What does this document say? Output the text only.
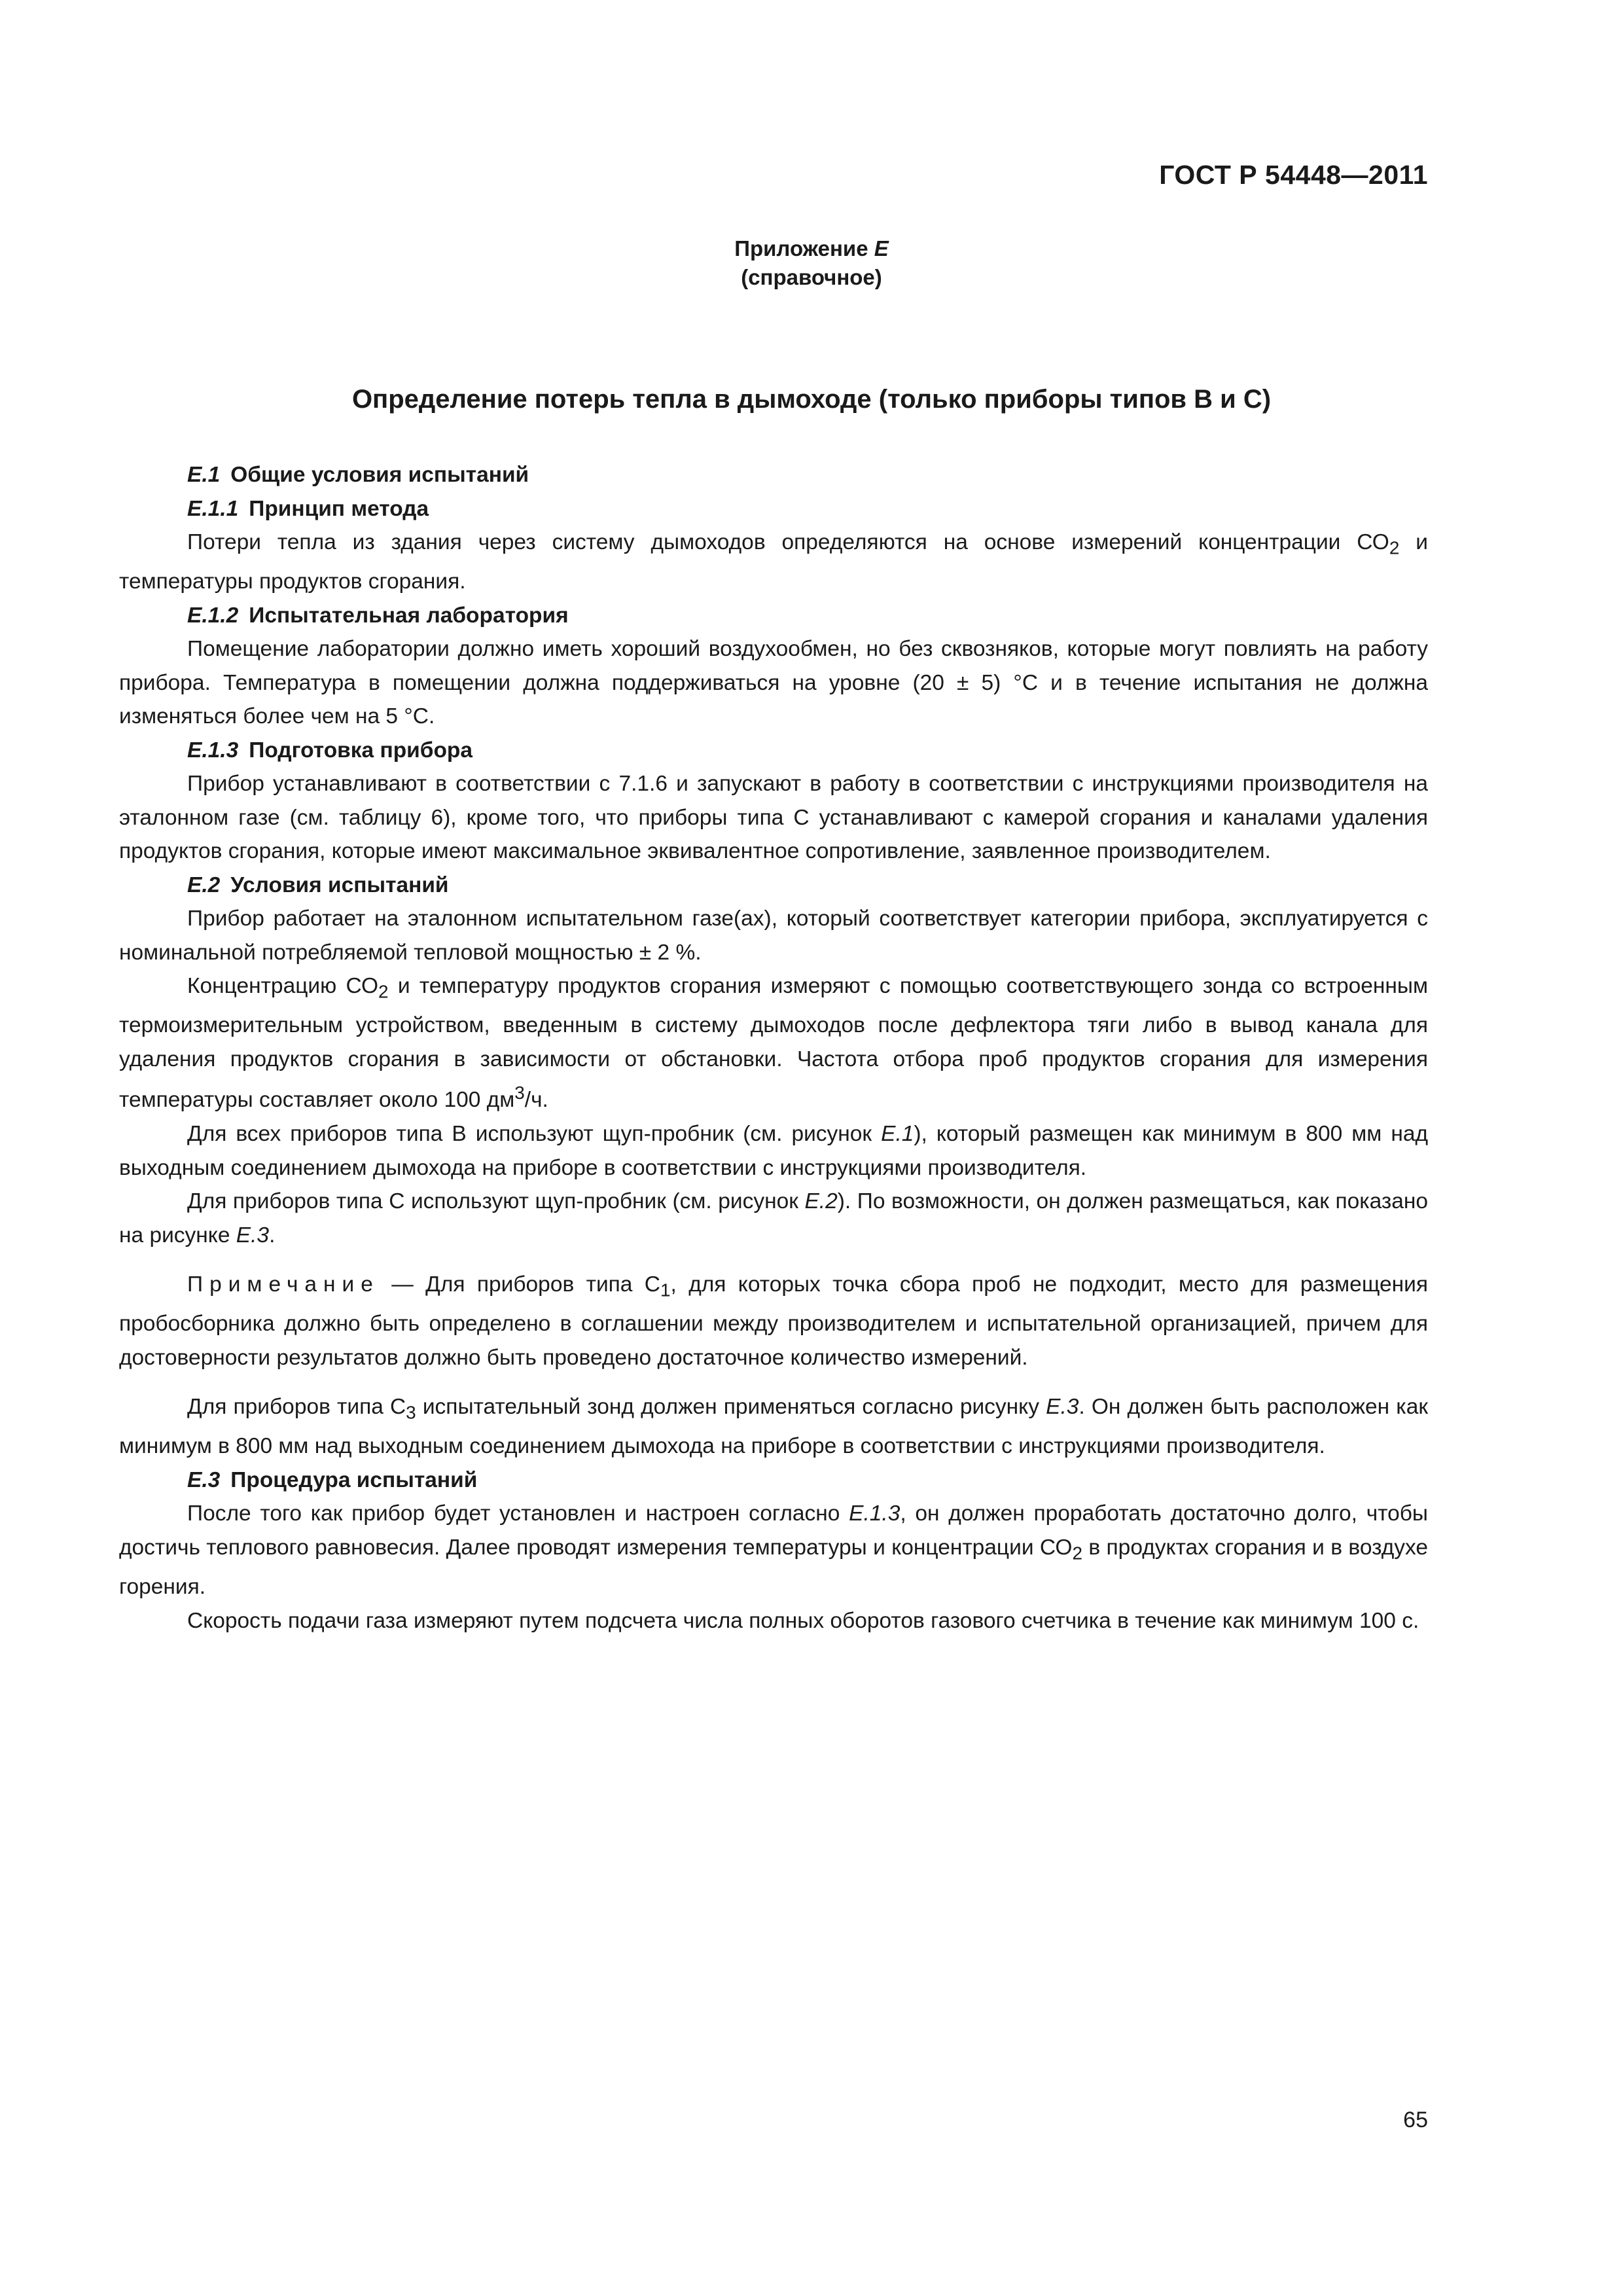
ГОСТ Р 54448—2011
Приложение Е
(справочное)
Определение потерь тепла в дымоходе (только приборы типов В и С)
Е.1 Общие условия испытаний
Е.1.1 Принцип метода

Потери тепла из здания через систему дымоходов определяются на основе измерений концентрации $СО_2$ и температуры продуктов сгорания.

Е.1.2 Испытательная лаборатория

Помещение лаборатории должно иметь хороший воздухообмен, но без сквозняков, которые могут повлиять на работу прибора. Температура в помещении должна поддерживаться на уровне (20 ± 5) °С и в течение испытания не должна изменяться более чем на 5 °С.

Е.1.3 Подготовка прибора

Прибор устанавливают в соответствии с 7.1.6 и запускают в работу в соответствии с инструкциями производителя на эталонном газе (см. таблицу 6), кроме того, что приборы типа С устанавливают с камерой сгорания и каналами удаления продуктов сгорания, которые имеют максимальное эквивалентное сопротивление, заявленное производителем.

Е.2 Условия испытаний

Прибор работает на эталонном испытательном газе(ах), который соответствует категории прибора, эксплуатируется с номинальной потребляемой тепловой мощностью ± 2 %.

Концентрацию $СО_2$ и температуру продуктов сгорания измеряют с помощью соответствующего зонда со встроенным термоизмерительным устройством, введенным в систему дымоходов после дефлектора тяги либо в вывод канала для удаления продуктов сгорания в зависимости от обстановки. Частота отбора проб продуктов сгорания для измерения температуры составляет около 100 $дм^3/ч$.

Для всех приборов типа В используют щуп-пробник (см. рисунок Е.1), который размещен как минимум в 800 мм над выходным соединением дымохода на приборе в соответствии с инструкциями производителя.

Для приборов типа С используют щуп-пробник (см. рисунок Е.2). По возможности, он должен размещаться, как показано на рисунке Е.3.

Примечание — Для приборов типа $С_1$, для которых точка сбора проб не подходит, место для размещения пробосборника должно быть определено в соглашении между производителем и испытательной организацией, причем для достоверности результатов должно быть проведено достаточное количество измерений.

Для приборов типа $С_3$ испытательный зонд должен применяться согласно рисунку Е.3. Он должен быть расположен как минимум в 800 мм над выходным соединением дымохода на приборе в соответствии с инструкциями производителя.

Е.3 Процедура испытаний

После того как прибор будет установлен и настроен согласно Е.1.3, он должен проработать достаточно долго, чтобы достичь теплового равновесия. Далее проводят измерения температуры и концентрации $СО_2$ в продуктах сгорания и в воздухе горения.

Скорость подачи газа измеряют путем подсчета числа полных оборотов газового счетчика в течение как минимум 100 с.

65
